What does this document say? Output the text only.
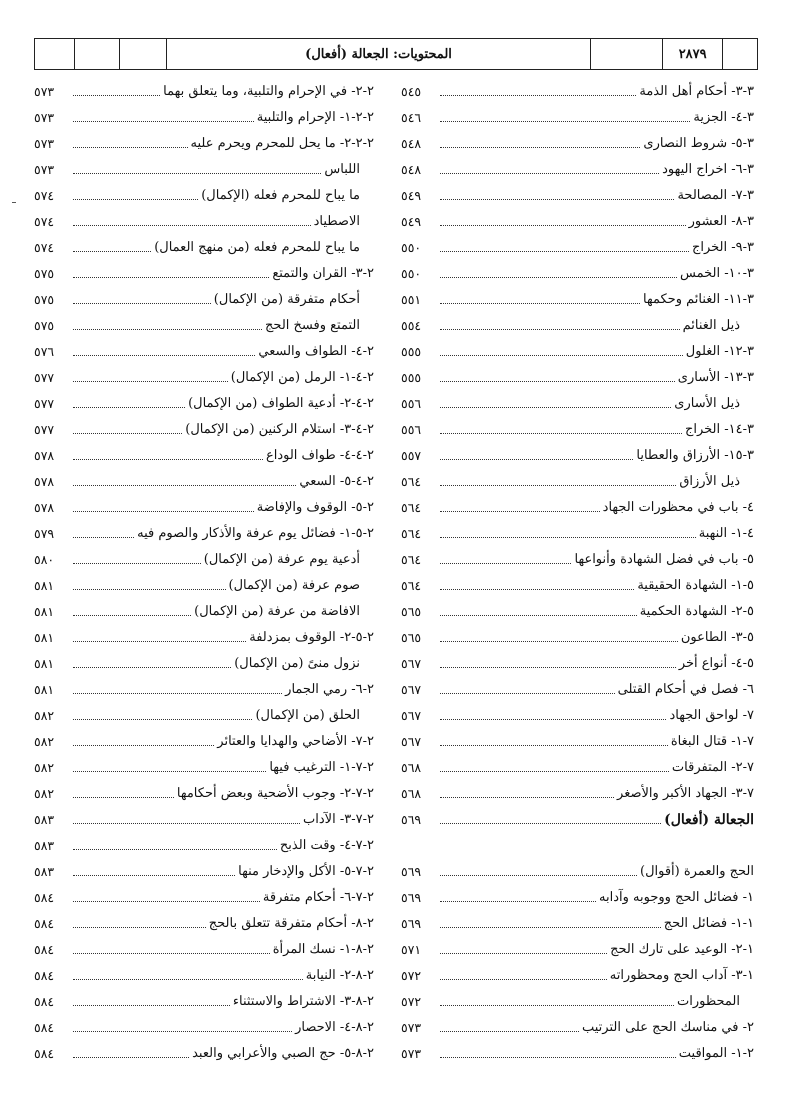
المحتويات: الجعالة (أفعال)	٢٨٧٩
٣-٣- أحكام أهل الذمة
٥٤٥
٣-٤- الجزية
٥٤٦
٣-٥- شروط النصارى
٥٤٨
٣-٦- اخراج اليهود
٥٤٨
٣-٧- المصالحة
٥٤٩
٣-٨- العشور
٥٤٩
٣-٩- الخراج
٥٥٠
٣-١٠- الخمس
٥٥٠
٣-١١- الغنائم وحكمها
٥٥١
ذيل الغنائم
٥٥٤
٣-١٢- الغلول
٥٥٥
٣-١٣- الأسارى
٥٥٥
ذيل الأسارى
٥٥٦
٣-١٤- الخراج
٥٥٦
٣-١٥- الأرزاق والعطايا
٥٥٧
ذيل الأرزاق
٥٦٤
٤- باب في محظورات الجهاد
٥٦٤
٤-١- النهبة
٥٦٤
٥- باب في فضل الشهادة وأنواعها
٥٦٤
٥-١- الشهادة الحقيقية
٥٦٤
٥-٢- الشهادة الحكمية
٥٦٥
٥-٣- الطاعون
٥٦٥
٥-٤- أنواع أخر
٥٦٧
٦- فصل في أحكام القتلى
٥٦٧
٧- لواحق الجهاد
٥٦٧
٧-١- قتال البغاة
٥٦٧
٧-٢- المتفرقات
٥٦٨
٧-٣- الجهاد الأكبر والأصغر
٥٦٨
الجعالة (أفعال)
٥٦٩
الحج والعمرة (أقوال)
٥٦٩
١- فضائل الحج ووجوبه وآدابه
٥٦٩
١-١- فضائل الحج
٥٦٩
١-٢- الوعيد على تارك الحج
٥٧١
١-٣- آداب الحج ومحظوراته
٥٧٢
المحظورات
٥٧٢
٢- في مناسك الحج على الترتيب
٥٧٣
٢-١- المواقيت
٥٧٣
٢-٢- في الإحرام والتلبية، وما يتعلق بهما
٥٧٣
٢-٢-١- الإحرام والتلبية
٥٧٣
٢-٢-٢- ما يحل للمحرم ويحرم عليه
٥٧٣
اللباس
٥٧٣
ما يباح للمحرم فعله (الإكمال)
٥٧٤
الاصطياد
٥٧٤
ما يباح للمحرم فعله (من منهج العمال)
٥٧٤
٢-٣- القران والتمتع
٥٧٥
أحكام متفرقة (من الإكمال)
٥٧٥
التمتع وفسخ الحج
٥٧٥
٢-٤- الطواف والسعي
٥٧٦
٢-٤-١- الرمل (من الإكمال)
٥٧٧
٢-٤-٢- أدعية الطواف (من الإكمال)
٥٧٧
٢-٤-٣- استلام الركنين (من الإكمال)
٥٧٧
٢-٤-٤- طواف الوداع
٥٧٨
٢-٤-٥- السعي
٥٧٨
٢-٥- الوقوف والإفاضة
٥٧٨
٢-٥-١- فضائل يوم عرفة والأذكار والصوم فيه
٥٧٩
أدعية يوم عرفة (من الإكمال)
٥٨٠
صوم عرفة (من الإكمال)
٥٨١
الافاضة من عرفة (من الإكمال)
٥٨١
٢-٥-٢- الوقوف بمزدلفة
٥٨١
نزول منىً (من الإكمال)
٥٨١
٢-٦- رمي الجمار
٥٨١
الحلق (من الإكمال)
٥٨٢
٢-٧- الأضاحي والهدايا والعتائر
٥٨٢
٢-٧-١- الترغيب فيها
٥٨٢
٢-٧-٢- وجوب الأضحية وبعض أحكامها
٥٨٢
٢-٧-٣- الآداب
٥٨٣
٢-٧-٤- وقت الذبح
٥٨٣
٢-٧-٥- الأكل والإدخار منها
٥٨٣
٢-٧-٦- أحكام متفرقة
٥٨٤
٢-٨- أحكام متفرقة تتعلق بالحج
٥٨٤
٢-٨-١- نسك المرأة
٥٨٤
٢-٨-٢- النيابة
٥٨٤
٢-٨-٣- الاشتراط والاستثناء
٥٨٤
٢-٨-٤- الاحصار
٥٨٤
٢-٨-٥- حج الصبي والأعرابي والعبد
٥٨٤
